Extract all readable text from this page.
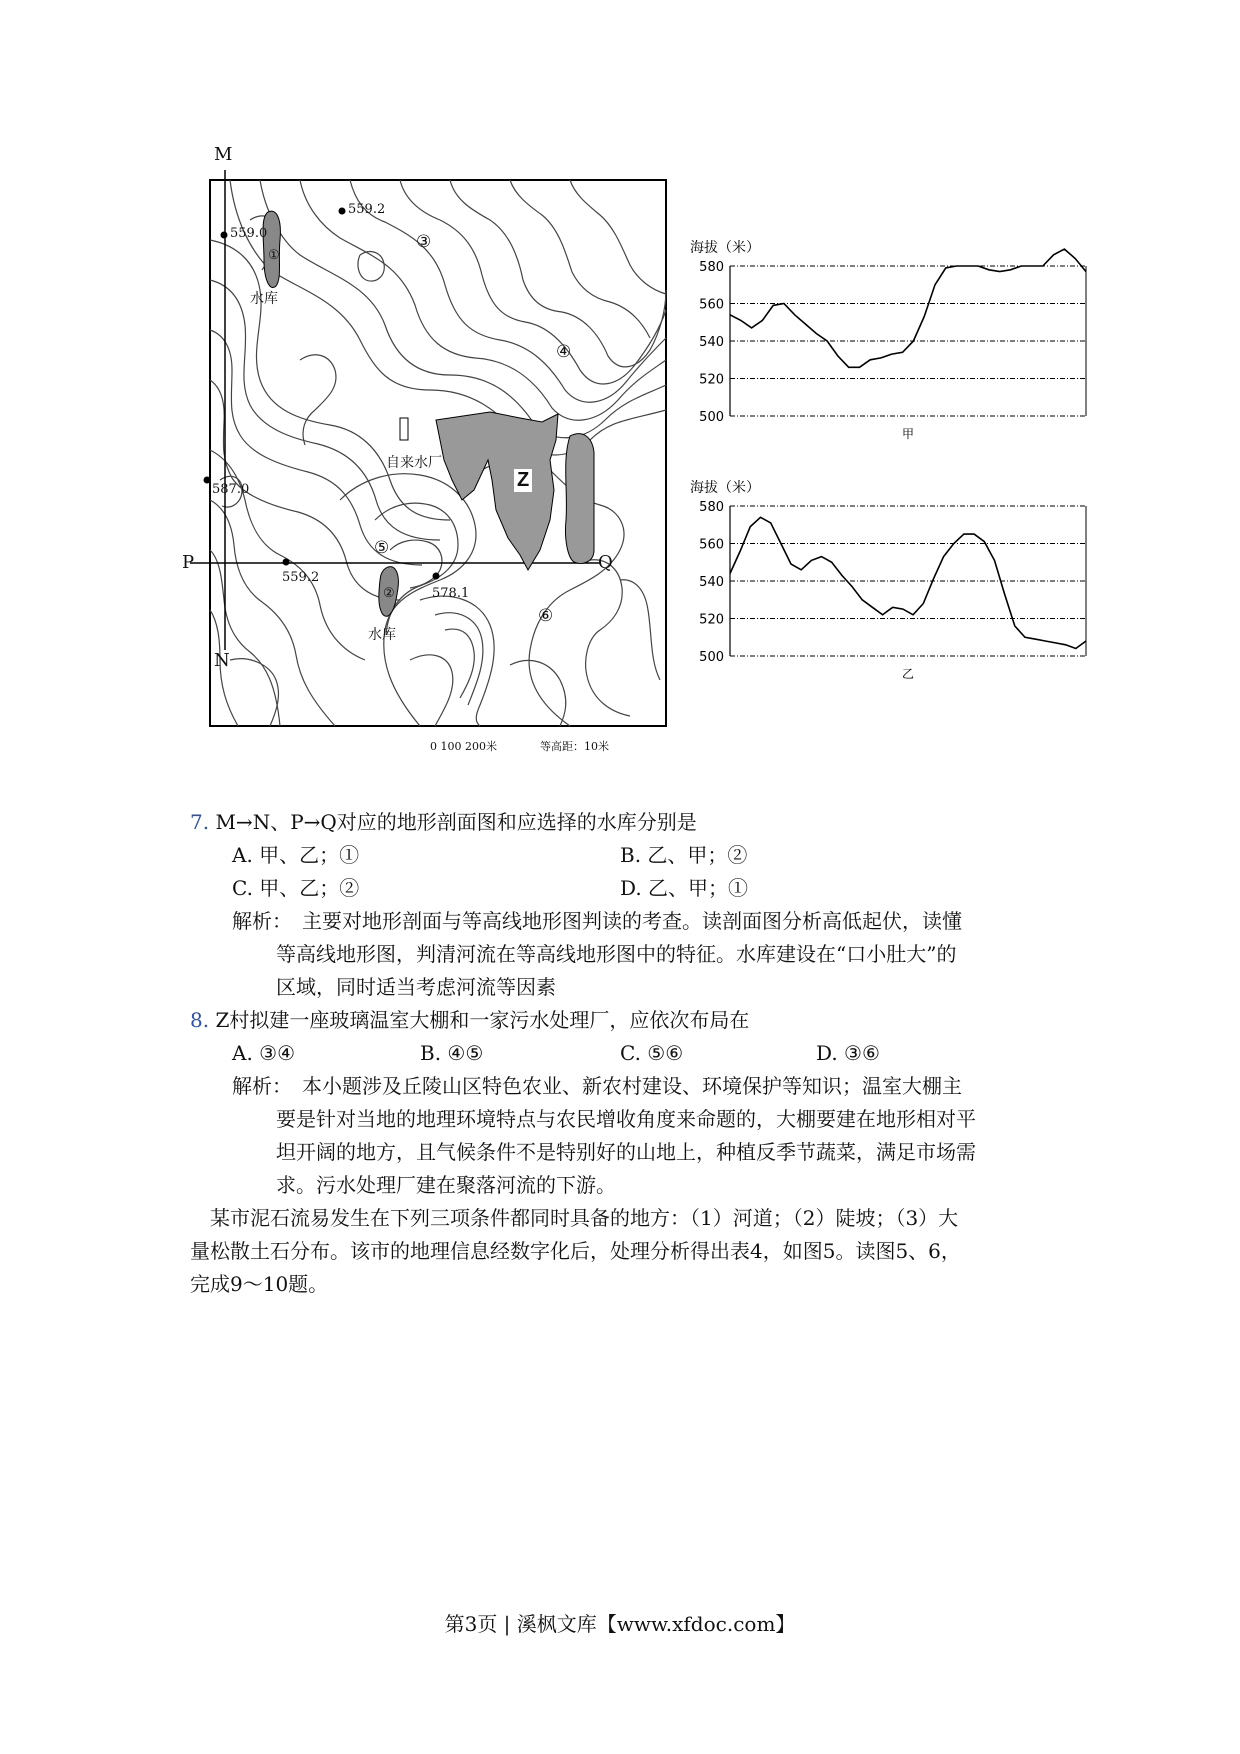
M
N
P	Q
559.0
559.2
587.0
559.2
578.1
①
②
③
④
⑤
⑥
水库
水库
自来水厂
Z
0 100 200米	等高距：10米
海拔（米）
580
560
540
520
500
甲
海拔（米）
580
560
540
520
500
乙
7. M→N、P→Q对应的地形剖面图和应选择的水库分别是
A. 甲、乙；①	B. 乙、甲；②
C. 甲、乙；②	D. 乙、甲；①
解析：　主要对地形剖面与等高线地形图判读的考查。读剖面图分析高低起伏，读懂
等高线地形图，判清河流在等高线地形图中的特征。水库建设在“口小肚大”的
区域，同时适当考虑河流等因素
8. Z村拟建一座玻璃温室大棚和一家污水处理厂，应依次布局在
A. ③④	B. ④⑤	C. ⑤⑥	D. ③⑥
解析：　本小题涉及丘陵山区特色农业、新农村建设、环境保护等知识；温室大棚主
要是针对当地的地理环境特点与农民增收角度来命题的，大棚要建在地形相对平
坦开阔的地方，且气候条件不是特别好的山地上，种植反季节蔬菜，满足市场需
求。污水处理厂建在聚落河流的下游。
某市泥石流易发生在下列三项条件都同时具备的地方：（1）河道；（2）陡坡；（3）大
量松散土石分布。该市的地理信息经数字化后，处理分析得出表4，如图5。读图5、6，
完成9～10题。
第3页 | 溪枫文库【www.xfdoc.com】
